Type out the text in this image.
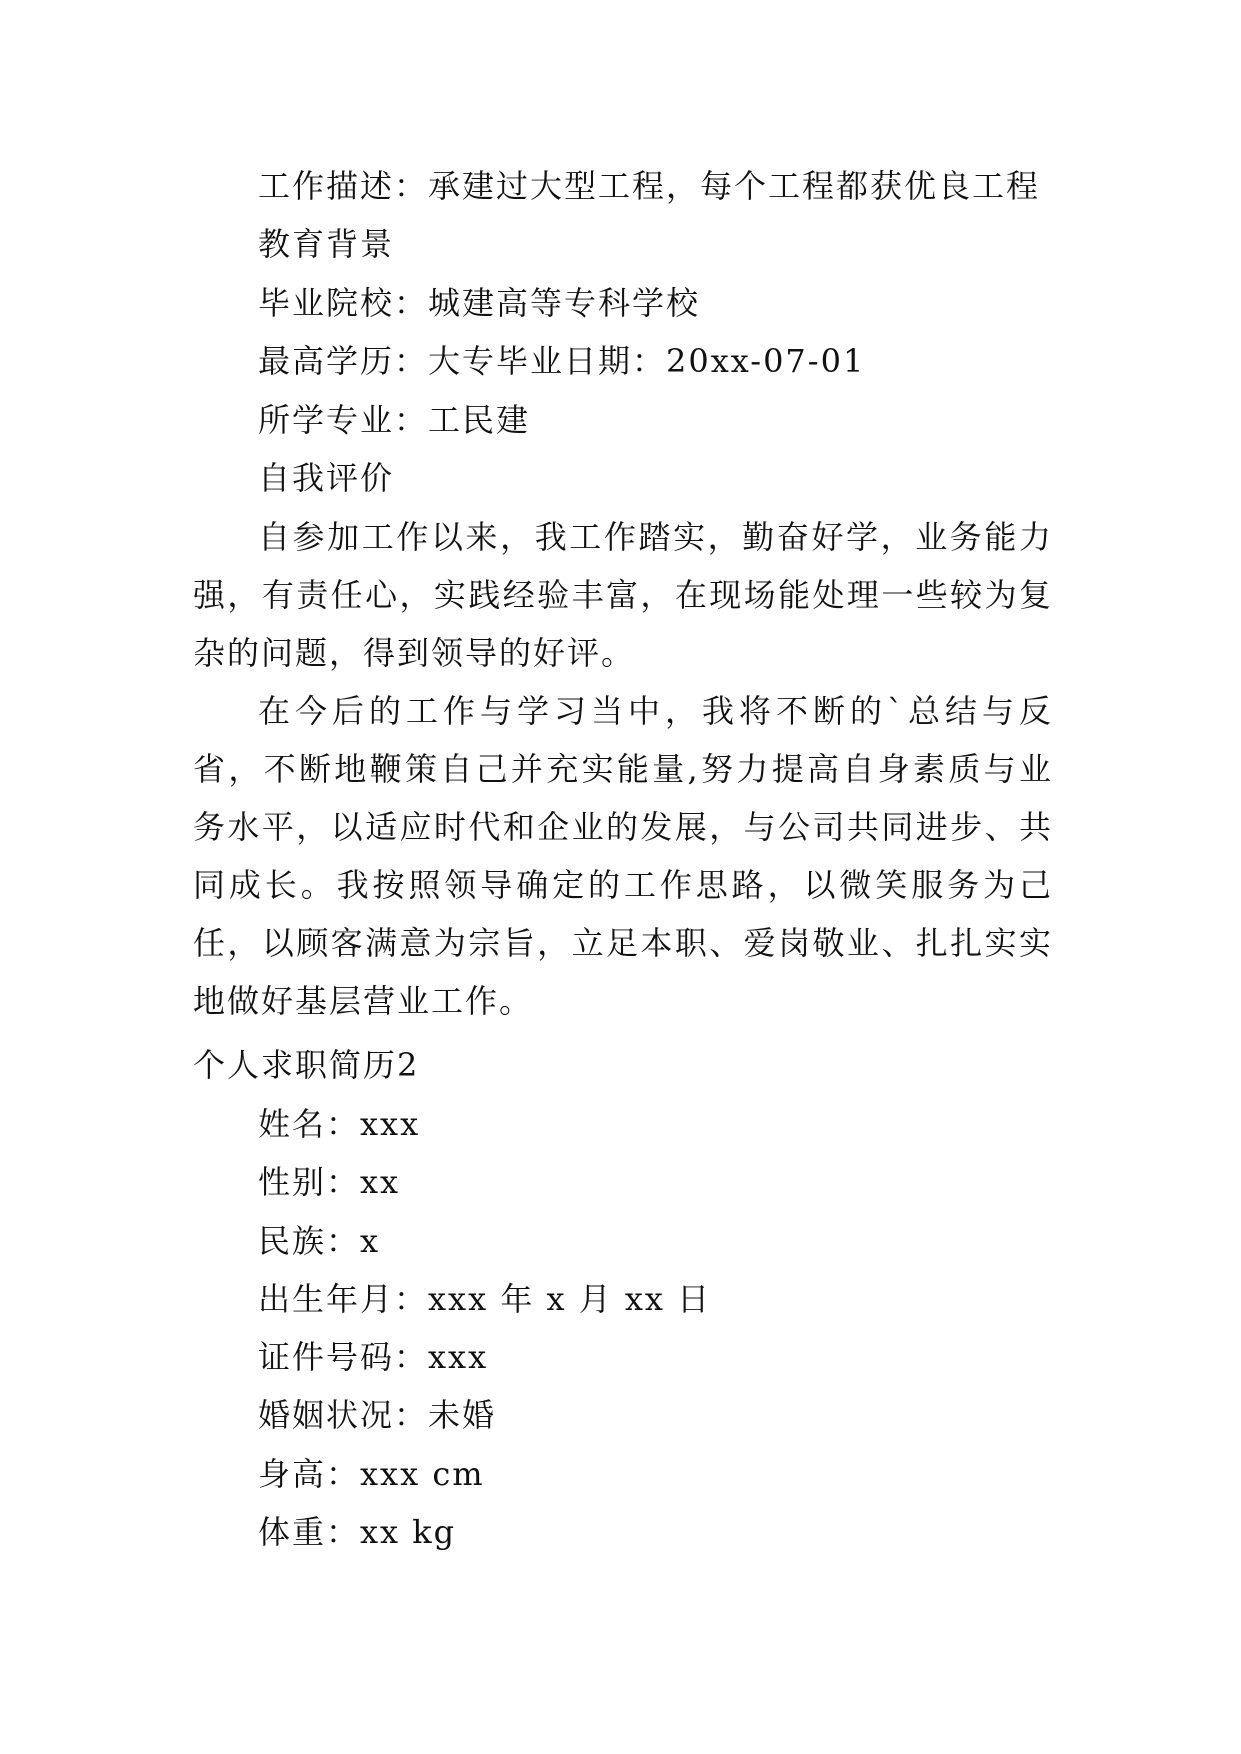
工作描述：承建过大型工程，每个工程都获优良工程

教育背景

毕业院校：城建高等专科学校

最高学历：大专毕业日期：20xx-07-01

所学专业：工民建

自我评价

自参加工作以来，我工作踏实，勤奋好学，业务能力强，有责任心，实践经验丰富，在现场能处理一些较为复杂的问题，得到领导的好评。

在今后的工作与学习当中，我将不断的`总结与反省，不断地鞭策自己并充实能量,努力提高自身素质与业务水平，以适应时代和企业的发展，与公司共同进步、共同成长。我按照领导确定的工作思路，以微笑服务为己任，以顾客满意为宗旨，立足本职、爱岗敬业、扎扎实实地做好基层营业工作。

个人求职简历2

姓名：xxx

性别：xx

民族：x

出生年月：xxx 年 x 月 xx 日

证件号码：xxx

婚姻状况：未婚

身高：xxx cm

体重：xx kg
